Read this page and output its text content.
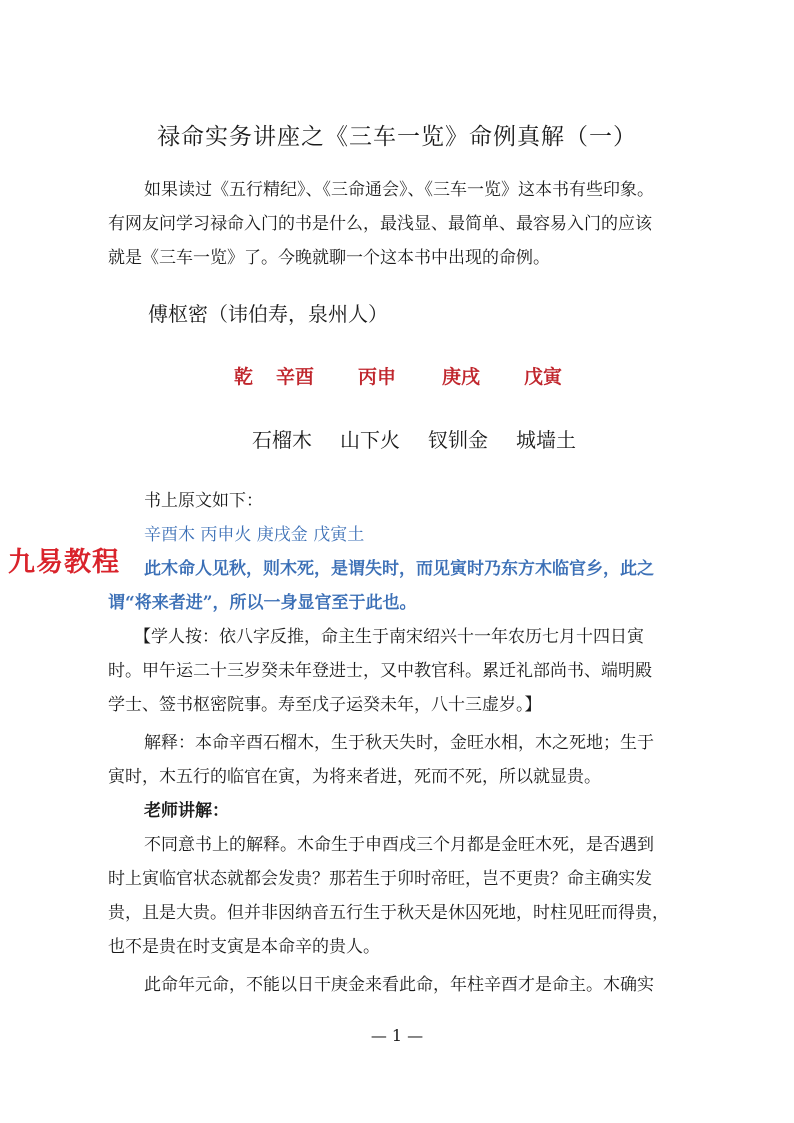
禄命实务讲座之《三车一览》命例真解（一）
如果读过《五行精纪》、《三命通会》、《三车一览》这本书有些印象。
有网友问学习禄命入门的书是什么，最浅显、最简单、最容易入门的应该
就是《三车一览》了。今晚就聊一个这本书中出现的命例。
傅枢密（讳伯寿，泉州人）
乾 辛酉 丙申 庚戌 戊寅
石榴木 山下火 钗钏金 城墙土
书上原文如下：
辛酉木 丙申火 庚戌金 戊寅土
此木命人见秋，则木死，是谓失时，而见寅时乃东方木临官乡，此之
谓“将来者进”，所以一身显官至于此也。
【学人按：依八字反推，命主生于南宋绍兴十一年农历七月十四日寅
时。甲午运二十三岁癸未年登进士，又中教官科。累迁礼部尚书、端明殿
学士、签书枢密院事。寿至戊子运癸未年，八十三虚岁。】
解释：本命辛酉石榴木，生于秋天失时，金旺水相，木之死地；生于
寅时，木五行的临官在寅，为将来者进，死而不死，所以就显贵。
老师讲解：
不同意书上的解释。木命生于申酉戌三个月都是金旺木死，是否遇到
时上寅临官状态就都会发贵？那若生于卯时帝旺，岂不更贵？命主确实发
贵，且是大贵。但并非因纳音五行生于秋天是休囚死地，时柱见旺而得贵，
也不是贵在时支寅是本命辛的贵人。
此命年元命，不能以日干庚金来看此命，年柱辛酉才是命主。木确实
九易教程
— 1 —
